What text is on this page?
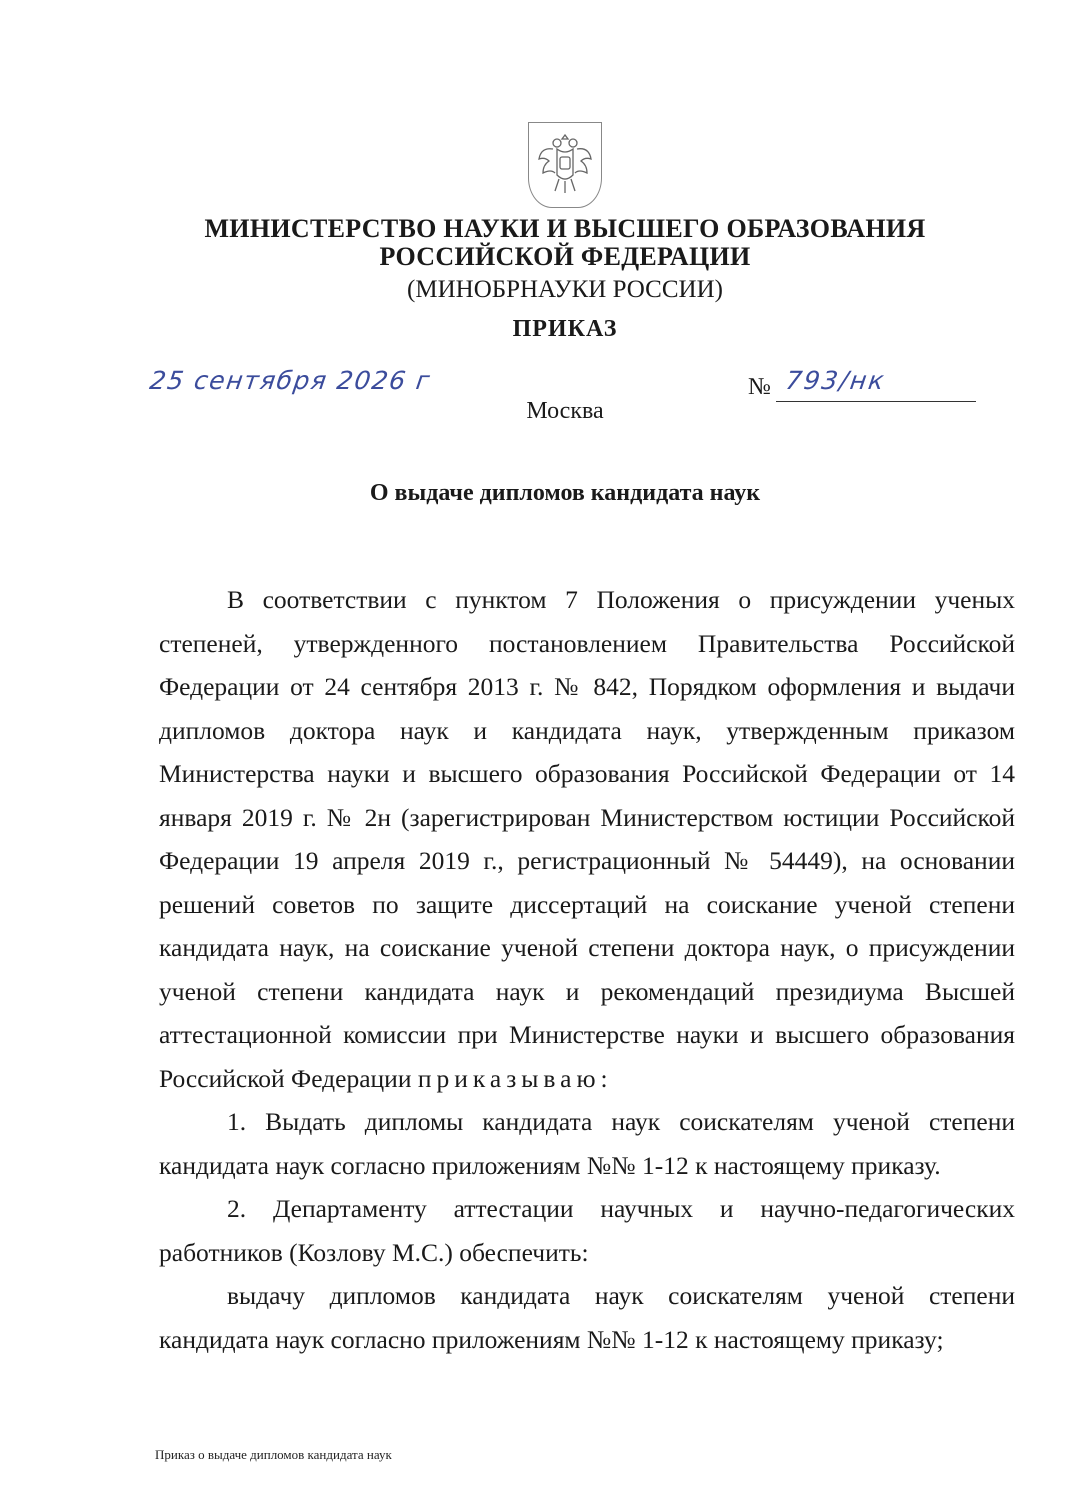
МИНИСТЕРСТВО НАУКИ И ВЫСШЕГО ОБРАЗОВАНИЯ
РОССИЙСКОЙ ФЕДЕРАЦИИ
(МИНОБРНАУКИ РОССИИ)
ПРИКАЗ
25 сентября 2026 г	№ 793/нк
Москва
О выдаче дипломов кандидата наук

В соответствии с пунктом 7 Положения о присуждении ученых степеней, утвержденного постановлением Правительства Российской Федерации от 24 сентября 2013 г. № 842, Порядком оформления и выдачи дипломов доктора наук и кандидата наук, утвержденным приказом Министерства науки и высшего образования Российской Федерации от 14 января 2019 г. № 2н (зарегистрирован Министерством юстиции Российской Федерации 19 апреля 2019 г., регистрационный № 54449), на основании решений советов по защите диссертаций на соискание ученой степени кандидата наук, на соискание ученой степени доктора наук, о присуждении ученой степени кандидата наук и рекомендаций президиума Высшей аттестационной комиссии при Министерстве науки и высшего образования Российской Федерации приказываю:

1. Выдать дипломы кандидата наук соискателям ученой степени кандидата наук согласно приложениям №№ 1-12 к настоящему приказу.

2. Департаменту аттестации научных и научно-педагогических работников (Козлову М.С.) обеспечить:

выдачу дипломов кандидата наук соискателям ученой степени кандидата наук согласно приложениям №№ 1-12 к настоящему приказу;

Приказ о выдаче дипломов кандидата наук
